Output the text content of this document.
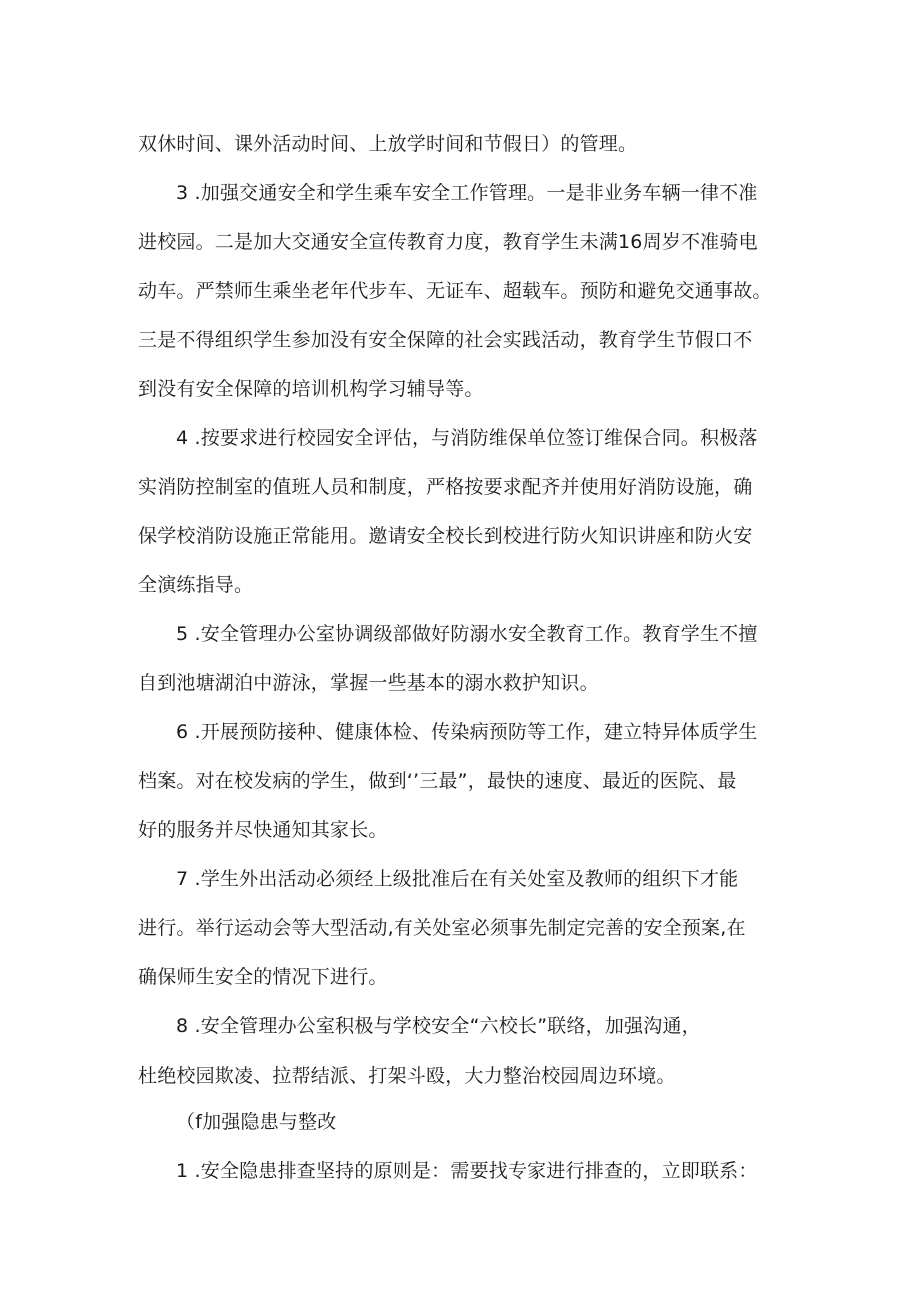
双休时间、课外活动时间、上放学时间和节假日）的管理。
3 .加强交通安全和学生乘车安全工作管理。一是非业务车辆一律不准
进校园。二是加大交通安全宣传教育力度，教育学生未满16周岁不准骑电
动车。严禁师生乘坐老年代步车、无证车、超载车。预防和避免交通事故。
三是不得组织学生参加没有安全保障的社会实践活动，教育学生节假口不
到没有安全保障的培训机构学习辅导等。
4 .按要求进行校园安全评估，与消防维保单位签订维保合同。积极落
实消防控制室的值班人员和制度，严格按要求配齐并使用好消防设施，确
保学校消防设施正常能用。邀请安全校长到校进行防火知识讲座和防火安
全演练指导。
5 .安全管理办公室协调级部做好防溺水安全教育工作。教育学生不擅
自到池塘湖泊中游泳，掌握一些基本的溺水救护知识。
6 .开展预防接种、健康体检、传染病预防等工作，建立特异体质学生
档案。对在校发病的学生，做到‘’三最”，最快的速度、最近的医院、最
好的服务并尽快通知其家长。
7 .学生外出活动必须经上级批准后在有关处室及教师的组织下才能
进行。举行运动会等大型活动,有关处室必须事先制定完善的安全预案,在
确保师生安全的情况下进行。
8 .安全管理办公室积极与学校安全“六校长”联络，加强沟通，
杜绝校园欺凌、拉帮结派、打架斗殴，大力整治校园周边环境。
（f加强隐患与整改
1 .安全隐患排查坚持的原则是：需要找专家进行排查的，立即联系：
